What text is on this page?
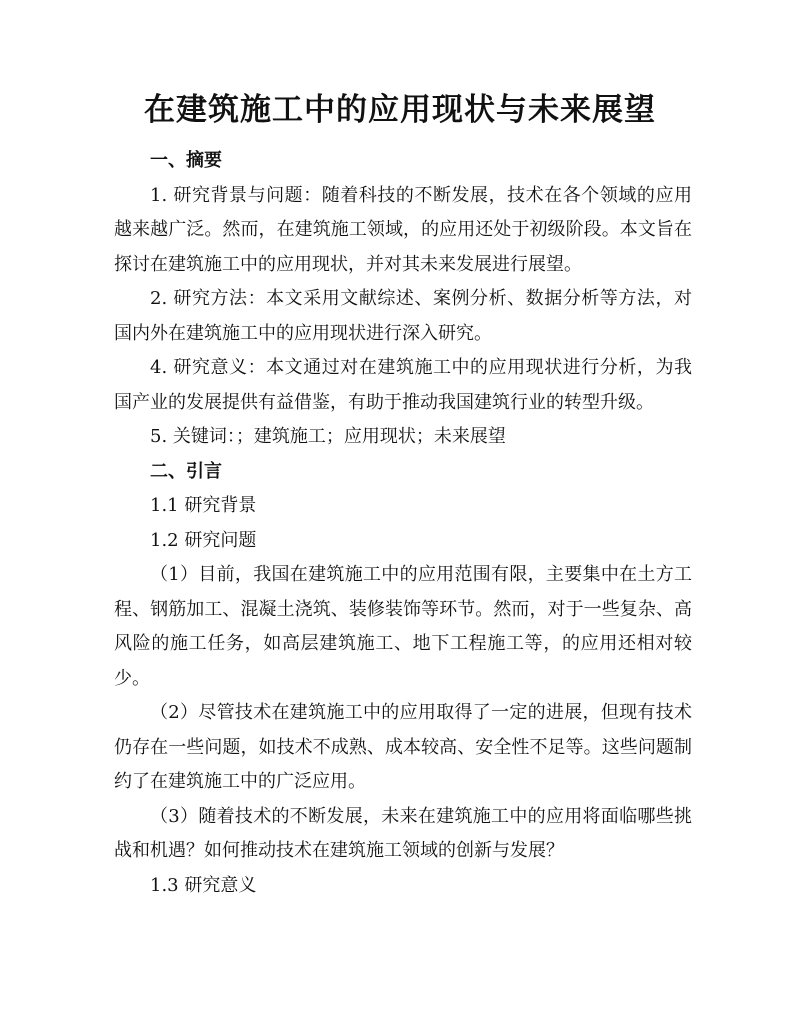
在建筑施工中的应用现状与未来展望

一、摘要

1. 研究背景与问题：随着科技的不断发展，技术在各个领域的应用越来越广泛。然而，在建筑施工领域，的应用还处于初级阶段。本文旨在探讨在建筑施工中的应用现状，并对其未来发展进行展望。

2. 研究方法：本文采用文献综述、案例分析、数据分析等方法，对国内外在建筑施工中的应用现状进行深入研究。

4. 研究意义：本文通过对在建筑施工中的应用现状进行分析，为我国产业的发展提供有益借鉴，有助于推动我国建筑行业的转型升级。

5. 关键词：；建筑施工；应用现状；未来展望

二、引言

1.1 研究背景

1.2 研究问题

（1）目前，我国在建筑施工中的应用范围有限，主要集中在土方工程、钢筋加工、混凝土浇筑、装修装饰等环节。然而，对于一些复杂、高风险的施工任务，如高层建筑施工、地下工程施工等，的应用还相对较少。

（2）尽管技术在建筑施工中的应用取得了一定的进展，但现有技术仍存在一些问题，如技术不成熟、成本较高、安全性不足等。这些问题制约了在建筑施工中的广泛应用。

（3）随着技术的不断发展，未来在建筑施工中的应用将面临哪些挑战和机遇？如何推动技术在建筑施工领域的创新与发展？

1.3 研究意义
